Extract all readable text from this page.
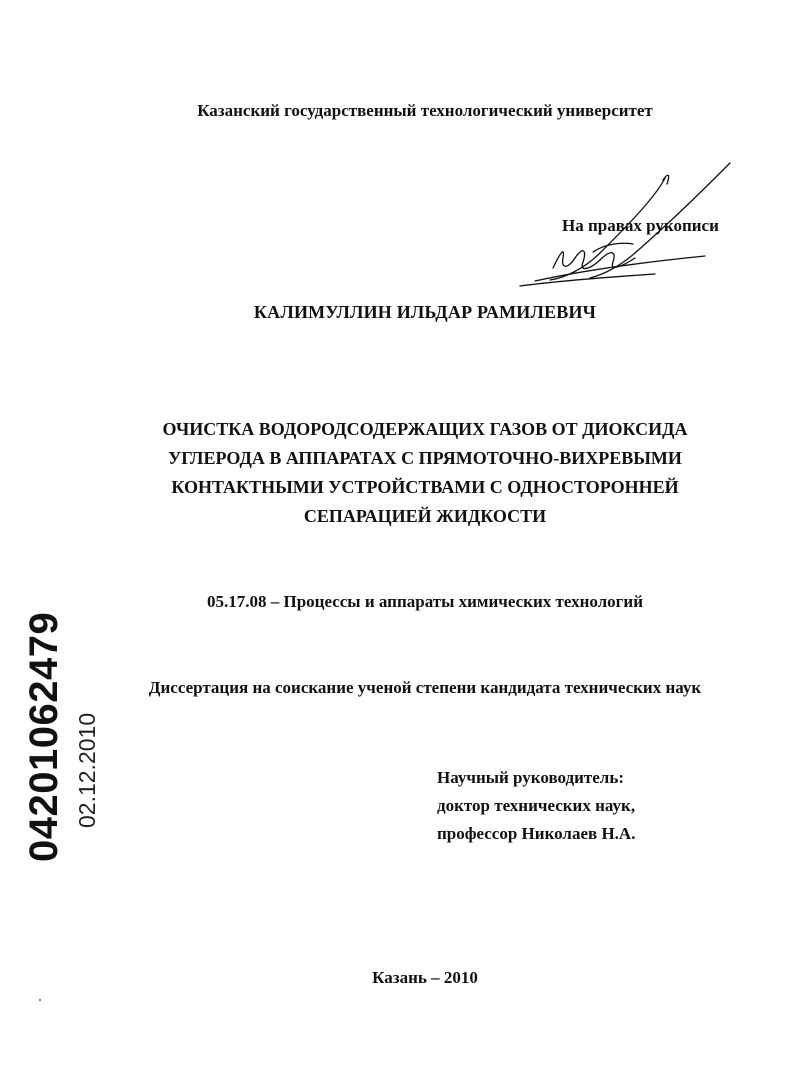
Казанский государственный технологический университет
На правах рукописи
КАЛИМУЛЛИН ИЛЬДАР РАМИЛЕВИЧ
ОЧИСТКА ВОДОРОДСОДЕРЖАЩИХ ГАЗОВ ОТ ДИОКСИДА
УГЛЕРОДА В АППАРАТАХ С ПРЯМОТОЧНО-ВИХРЕВЫМИ
КОНТАКТНЫМИ УСТРОЙСТВАМИ С ОДНОСТОРОННЕЙ
СЕПАРАЦИЕЙ ЖИДКОСТИ
05.17.08 – Процессы и аппараты химических технологий
Диссертация на соискание ученой степени кандидата технических наук
Научный руководитель:
доктор технических наук,
профессор Николаев Н.А.
Казань – 2010
04201062479 02.12.2010
